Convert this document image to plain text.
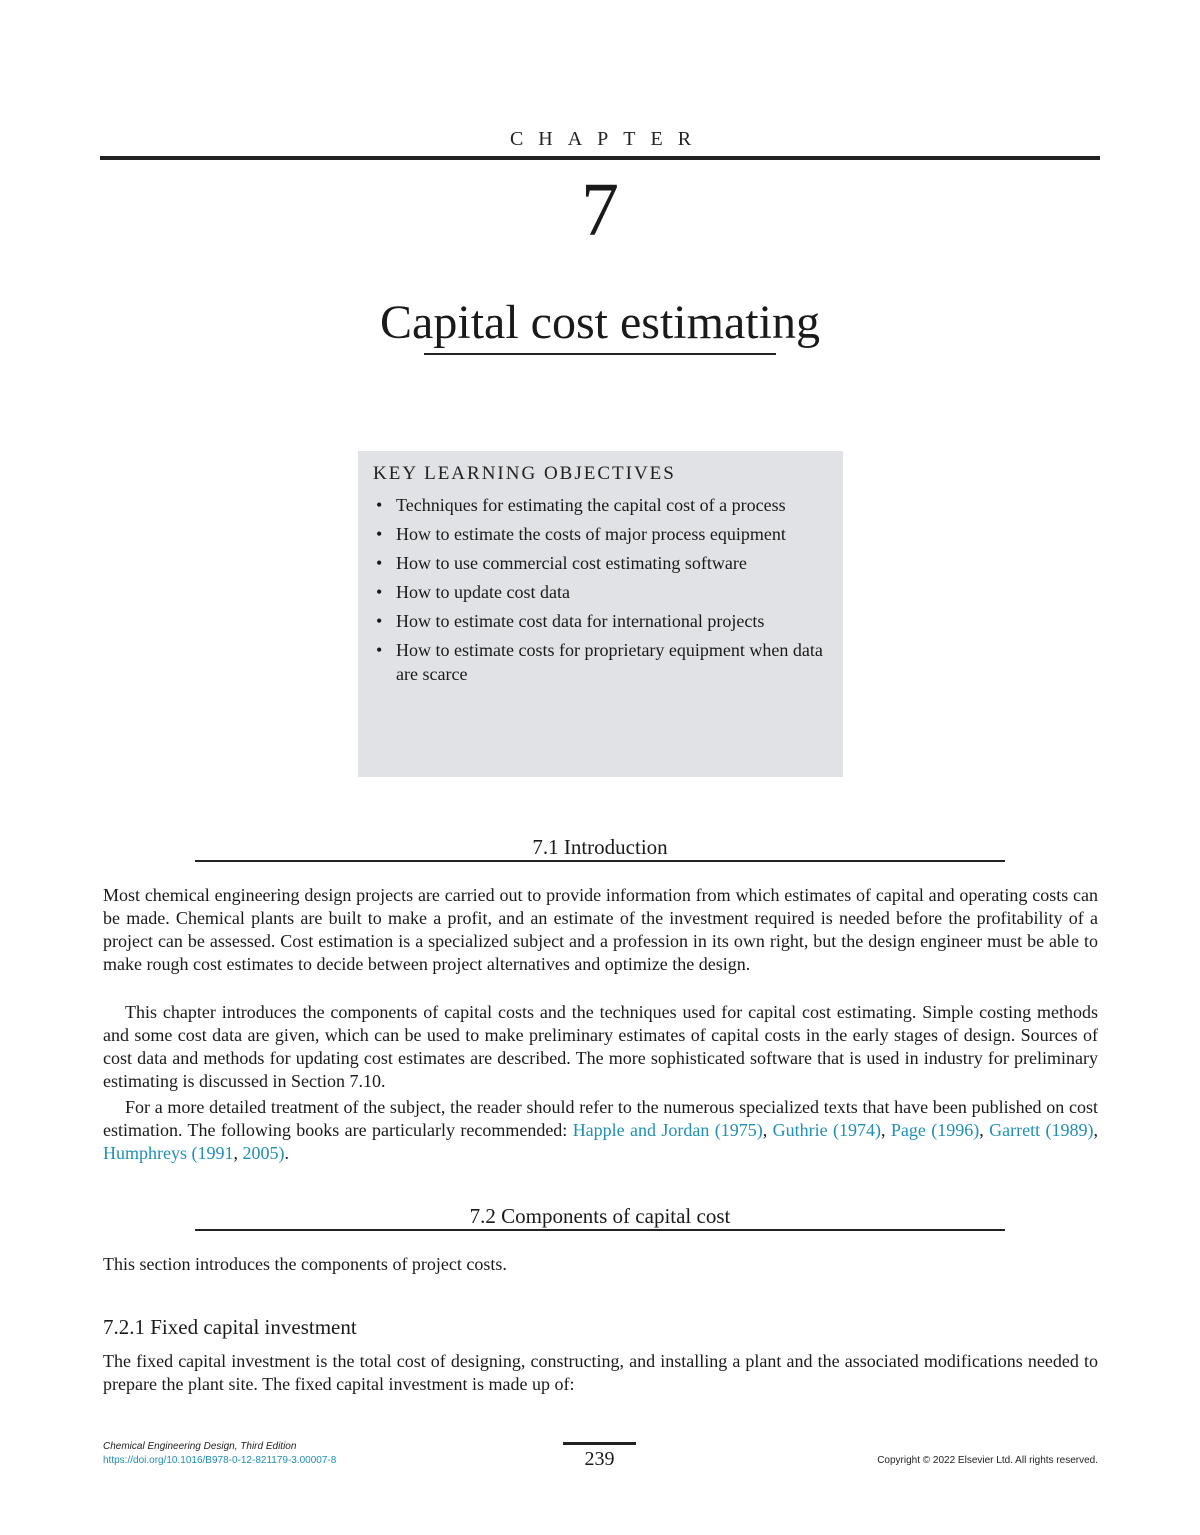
CHAPTER
7
Capital cost estimating
KEY LEARNING OBJECTIVES
• Techniques for estimating the capital cost of a process
• How to estimate the costs of major process equipment
• How to use commercial cost estimating software
• How to update cost data
• How to estimate cost data for international projects
• How to estimate costs for proprietary equipment when data are scarce
7.1 Introduction

Most chemical engineering design projects are carried out to provide information from which estimates of capital and operating costs can be made. Chemical plants are built to make a profit, and an estimate of the investment required is needed before the profitability of a project can be assessed. Cost estimation is a specialized subject and a profession in its own right, but the design engineer must be able to make rough cost estimates to decide between project alternatives and optimize the design.

This chapter introduces the components of capital costs and the techniques used for capital cost estimating. Simple costing methods and some cost data are given, which can be used to make preliminary estimates of capital costs in the early stages of design. Sources of cost data and methods for updating cost estimates are described. The more sophisticated software that is used in industry for preliminary estimating is discussed in Section 7.10.

For a more detailed treatment of the subject, the reader should refer to the numerous specialized texts that have been published on cost estimation. The following books are particularly recommended: Happle and Jordan (1975), Guthrie (1974), Page (1996), Garrett (1989), Humphreys (1991, 2005).

7.2 Components of capital cost

This section introduces the components of project costs.

7.2.1 Fixed capital investment

The fixed capital investment is the total cost of designing, constructing, and installing a plant and the associated modifications needed to prepare the plant site. The fixed capital investment is made up of:

Chemical Engineering Design, Third Edition
https://doi.org/10.1016/B978-0-12-821179-3.00007-8	239	Copyright © 2022 Elsevier Ltd. All rights reserved.
